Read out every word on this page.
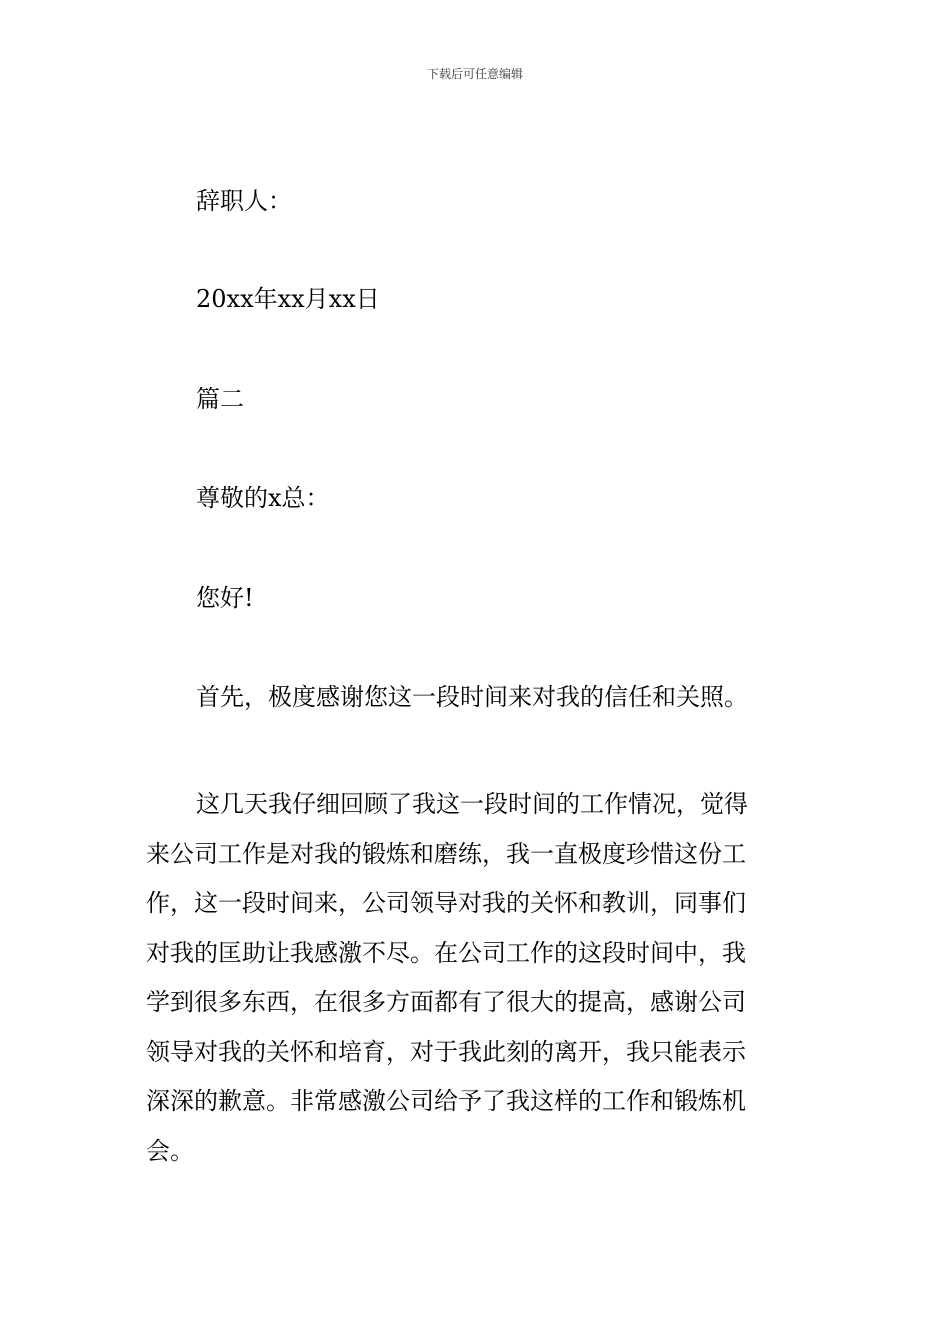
下载后可任意编辑
辞职人：
20xx年xx月xx日
篇二
尊敬的x总：
您好!
首先，极度感谢您这一段时间来对我的信任和关照。
这几天我仔细回顾了我这一段时间的工作情况，觉得
来公司工作是对我的锻炼和磨练，我一直极度珍惜这份工
作，这一段时间来，公司领导对我的关怀和教训，同事们
对我的匡助让我感激不尽。在公司工作的这段时间中，我
学到很多东西，在很多方面都有了很大的提高，感谢公司
领导对我的关怀和培育，对于我此刻的离开，我只能表示
深深的歉意。非常感激公司给予了我这样的工作和锻炼机
会。
